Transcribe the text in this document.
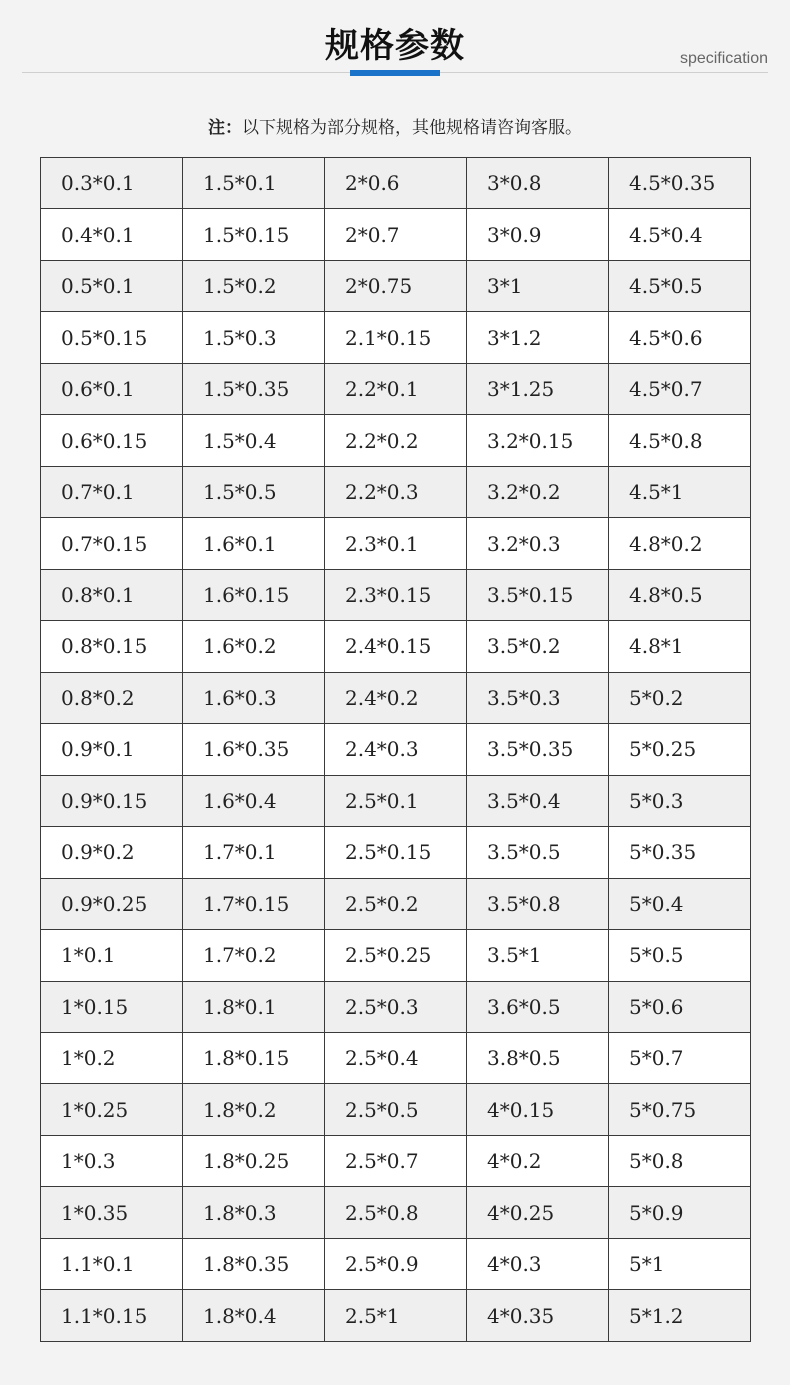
规格参数	specification
注：以下规格为部分规格，其他规格请咨询客服。
0.3*0.1	1.5*0.1	2*0.6	3*0.8	4.5*0.35
0.4*0.1	1.5*0.15	2*0.7	3*0.9	4.5*0.4
0.5*0.1	1.5*0.2	2*0.75	3*1	4.5*0.5
0.5*0.15	1.5*0.3	2.1*0.15	3*1.2	4.5*0.6
0.6*0.1	1.5*0.35	2.2*0.1	3*1.25	4.5*0.7
0.6*0.15	1.5*0.4	2.2*0.2	3.2*0.15	4.5*0.8
0.7*0.1	1.5*0.5	2.2*0.3	3.2*0.2	4.5*1
0.7*0.15	1.6*0.1	2.3*0.1	3.2*0.3	4.8*0.2
0.8*0.1	1.6*0.15	2.3*0.15	3.5*0.15	4.8*0.5
0.8*0.15	1.6*0.2	2.4*0.15	3.5*0.2	4.8*1
0.8*0.2	1.6*0.3	2.4*0.2	3.5*0.3	5*0.2
0.9*0.1	1.6*0.35	2.4*0.3	3.5*0.35	5*0.25
0.9*0.15	1.6*0.4	2.5*0.1	3.5*0.4	5*0.3
0.9*0.2	1.7*0.1	2.5*0.15	3.5*0.5	5*0.35
0.9*0.25	1.7*0.15	2.5*0.2	3.5*0.8	5*0.4
1*0.1	1.7*0.2	2.5*0.25	3.5*1	5*0.5
1*0.15	1.8*0.1	2.5*0.3	3.6*0.5	5*0.6
1*0.2	1.8*0.15	2.5*0.4	3.8*0.5	5*0.7
1*0.25	1.8*0.2	2.5*0.5	4*0.15	5*0.75
1*0.3	1.8*0.25	2.5*0.7	4*0.2	5*0.8
1*0.35	1.8*0.3	2.5*0.8	4*0.25	5*0.9
1.1*0.1	1.8*0.35	2.5*0.9	4*0.3	5*1
1.1*0.15	1.8*0.4	2.5*1	4*0.35	5*1.2
